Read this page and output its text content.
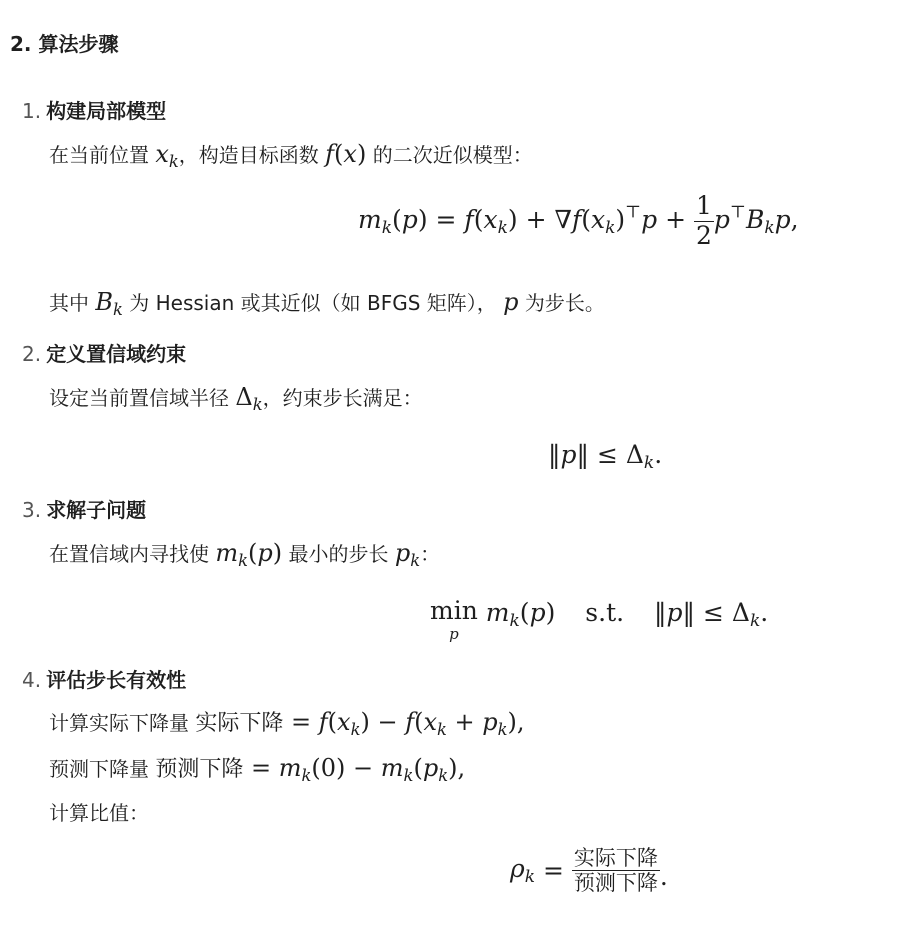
2. 算法步骤
1. 构建局部模型
在当前位置 $x_k$，构造目标函数 f(x) 的二次近似模型：
$m_k(p) = f(x_k) + \nabla f(x_k)^⊤p + \frac{1}{2} p^⊤B_kp$,
其中 $B_k$ 为 Hessian 或其近似（如 BFGS 矩阵）， p 为步长。
2. 定义置信域约束
设定当前置信域半径 $\Delta_k$，约束步长满足：
‖p‖ ≤ $\Delta_k$.
3. 求解子问题
在置信域内寻找使 $m_k(p)$ 最小的步长 $p_k$：
min
p
$m_k(p)$ s.t. ‖p‖ ≤ $\Delta_k$.
4. 评估步长有效性
计算实际下降量 实际下降 = $f(x_k) - f(x_k + p_k)$,
预测下降量 预测下降 = $m_k(0) - m_k(p_k)$,
计算比值：
$\rho_k = \frac{\text{实际下降}}{\text{预测下降}}$ .
